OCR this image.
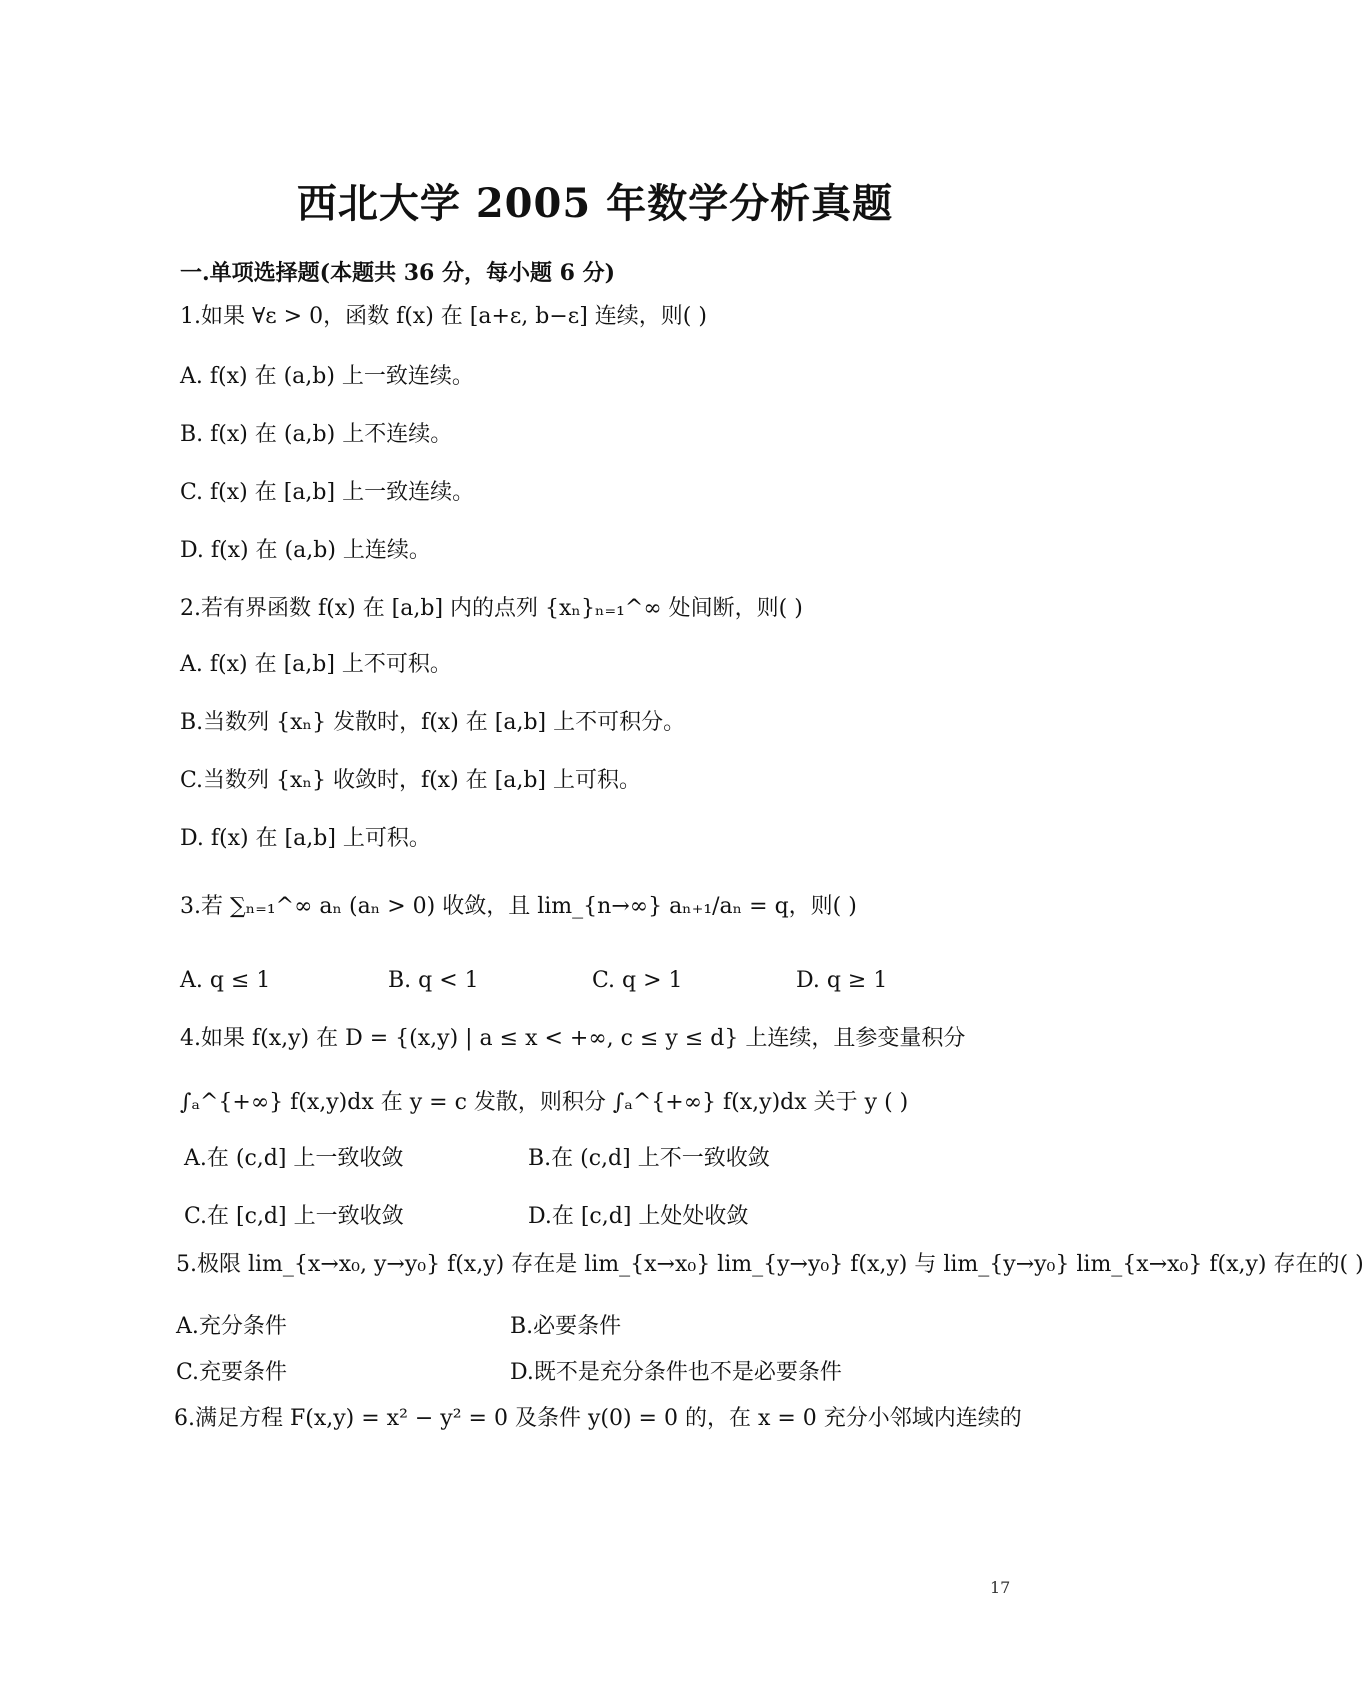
西北大学 2005 年数学分析真题
一.单项选择题(本题共 36 分，每小题 6 分)
1.如果 ∀ε > 0，函数 f(x) 在 [a+ε, b−ε] 连续，则( )
A. f(x) 在 (a,b) 上一致连续。
B. f(x) 在 (a,b) 上不连续。
C. f(x) 在 [a,b] 上一致连续。
D. f(x) 在 (a,b) 上连续。
2.若有界函数 f(x) 在 [a,b] 内的点列 {xₙ}ₙ₌₁^∞ 处间断，则( )
A. f(x) 在 [a,b] 上不可积。
B.当数列 {xₙ} 发散时，f(x) 在 [a,b] 上不可积分。
C.当数列 {xₙ} 收敛时，f(x) 在 [a,b] 上可积。
D. f(x) 在 [a,b] 上可积。
3.若 ∑ₙ₌₁^∞ aₙ (aₙ > 0) 收敛，且 lim_{n→∞} aₙ₊₁/aₙ = q，则( )
A. q ≤ 1	B. q < 1	C. q > 1	D. q ≥ 1
4.如果 f(x,y) 在 D = {(x,y) | a ≤ x < +∞, c ≤ y ≤ d} 上连续，且参变量积分
∫ₐ^{+∞} f(x,y)dx 在 y = c 发散，则积分 ∫ₐ^{+∞} f(x,y)dx 关于 y ( )
A.在 (c,d] 上一致收敛	B.在 (c,d] 上不一致收敛
C.在 [c,d] 上一致收敛	D.在 [c,d] 上处处收敛
5.极限 lim_{x→x₀, y→y₀} f(x,y) 存在是 lim_{x→x₀} lim_{y→y₀} f(x,y) 与 lim_{y→y₀} lim_{x→x₀} f(x,y) 存在的( )
A.充分条件	B.必要条件
C.充要条件	D.既不是充分条件也不是必要条件
6.满足方程 F(x,y) = x² − y² = 0 及条件 y(0) = 0 的，在 x = 0 充分小邻域内连续的
17
